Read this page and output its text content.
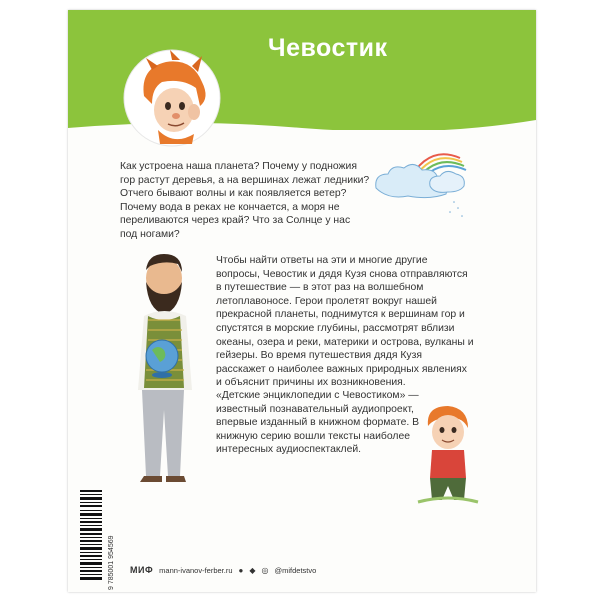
Чевостик

Как устроена наша планета? Почему у подножия гор растут деревья, а на вершинах лежат ледники? Отчего бывают волны и как появляется ветер? Почему вода в реках не кончается, а моря не переливаются через край? Что за Солнце у нас под ногами?

Чтобы найти ответы на эти и многие другие вопросы, Чевостик и дядя Кузя снова отправляются в путешествие — в этот раз на волшебном летоплавоносе. Герои пролетят вокруг нашей прекрасной планеты, поднимутся к вершинам гор и спустятся в морские глубины, рассмотрят вблизи океаны, озера и реки, материки и острова, вулканы и гейзеры. Во время путешествия дядя Кузя расскажет о наиболее важных природных явлениях и объяснит причины их возникновения.

«Детские энциклопедии с Чевостиком» — известный познавательный аудиопроект, впервые изданный в книжном формате. В книжную серию вошли тексты наиболее интересных аудиоспектаклей.

9 785001 954569 МИФ mann-ivanov-ferber.ru ● ◆ ◎ @mifdetstvo
